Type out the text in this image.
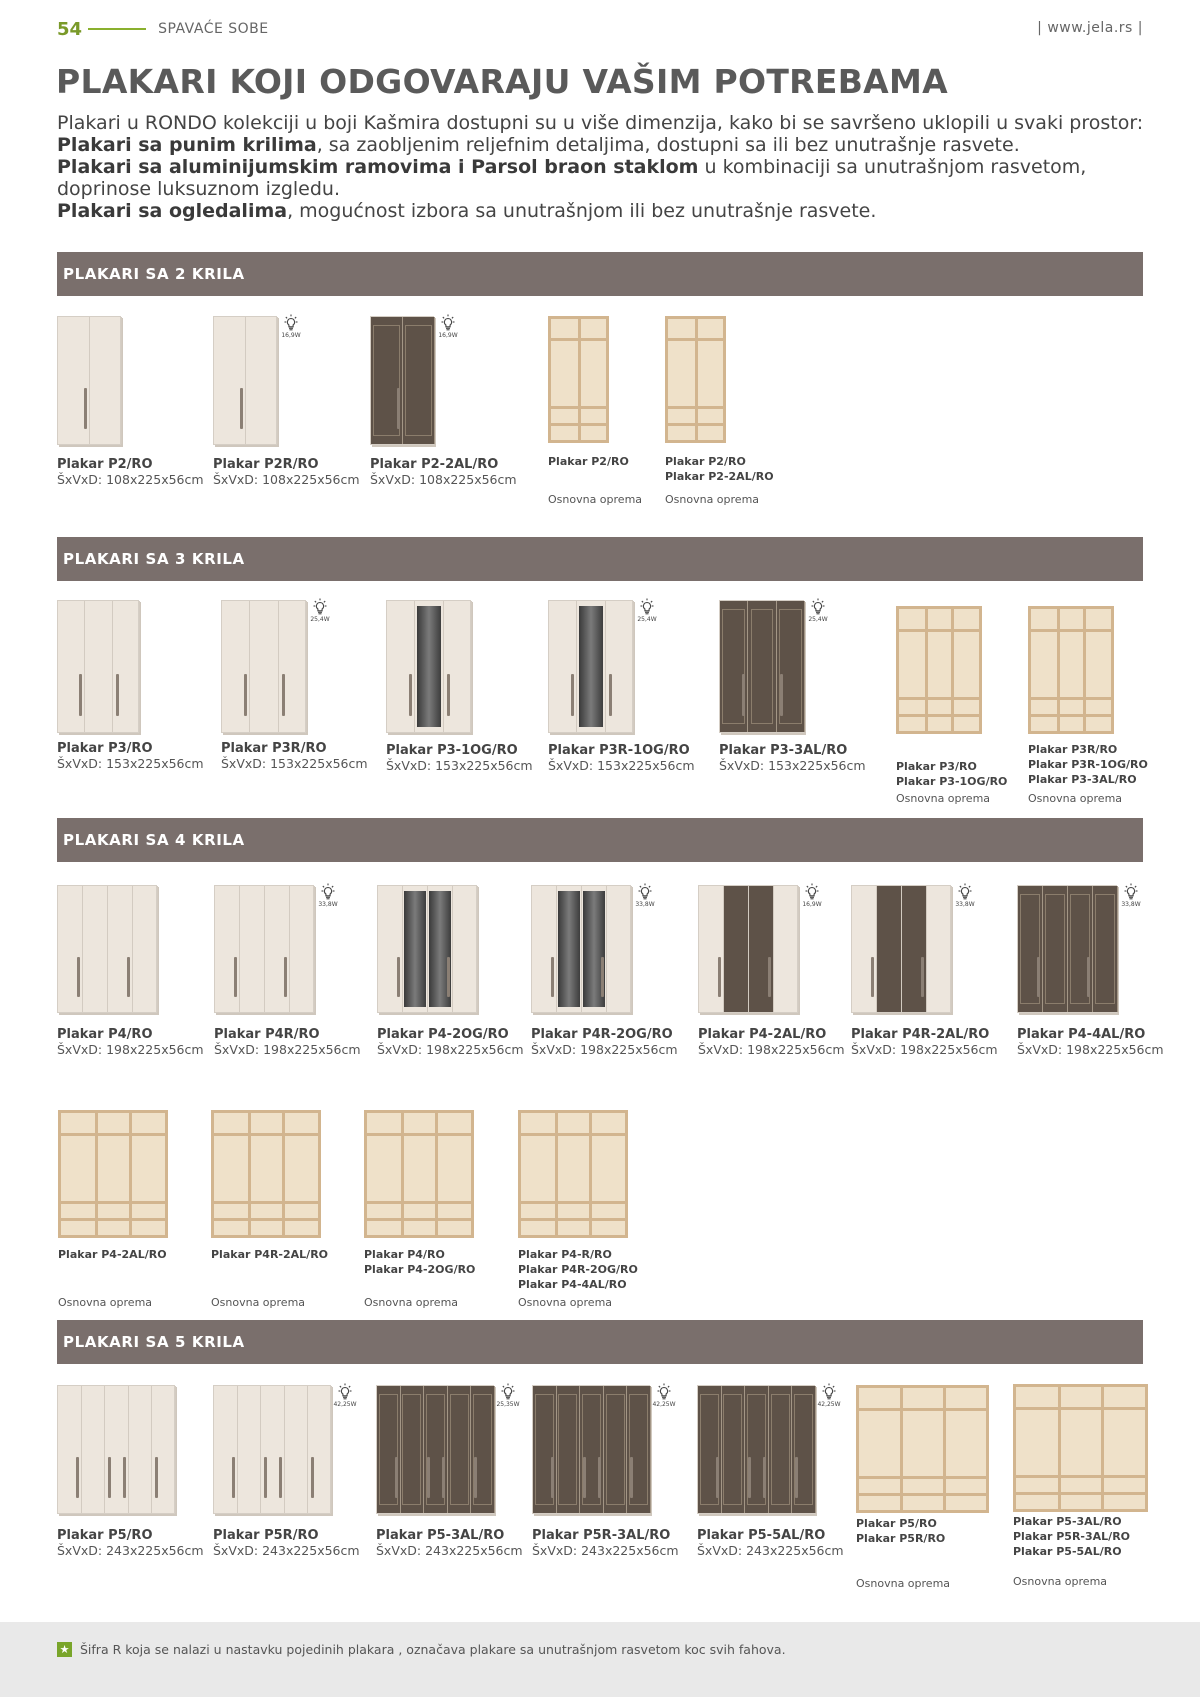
54	SPAVAĆE SOBE	| www.jela.rs |
PLAKARI KOJI ODGOVARAJU VAŠIM POTREBAMA
Plakari u RONDO kolekciji u boji Kašmira dostupni su u više dimenzija, kako bi se savršeno uklopili u svaki prostor:
Plakari sa punim krilima, sa zaobljenim reljefnim detaljima, dostupni sa ili bez unutrašnje rasvete.
Plakari sa aluminijumskim ramovima i Parsol braon staklom u kombinaciji sa unutrašnjom rasvetom, doprinose luksuznom izgledu.
Plakari sa ogledalima, mogućnost izbora sa unutrašnjom ili bez unutrašnje rasvete.
PLAKARI SA 2 KRILA
PLAKARI SA 3 KRILA
PLAKARI SA 4 KRILA
PLAKARI SA 5 KRILA
★ Šifra R koja se nalazi u nastavku pojedinih plakara , označava plakare sa unutrašnjom rasvetom koc svih fahova.
Plakar P2/RO
ŠxVxD: 108x225x56cm
16,9W
Plakar P2R/RO
ŠxVxD: 108x225x56cm
16,9W
Plakar P2-2AL/RO
ŠxVxD: 108x225x56cm
Plakar P2/RO
Osnovna oprema
Plakar P2/RO
Plakar P2-2AL/RO
Osnovna oprema
Plakar P3/RO
ŠxVxD: 153x225x56cm
25,4W
Plakar P3R/RO
ŠxVxD: 153x225x56cm
Plakar P3-1OG/RO
ŠxVxD: 153x225x56cm
25,4W
Plakar P3R-1OG/RO
ŠxVxD: 153x225x56cm
25,4W
Plakar P3-3AL/RO
ŠxVxD: 153x225x56cm	Plakar P3/RO
Plakar P3-1OG/RO
Osnovna oprema
Plakar P3R/RO
Plakar P3R-1OG/RO
Plakar P3-3AL/RO
Osnovna oprema
Plakar P4/RO
ŠxVxD: 198x225x56cm
33,8W
Plakar P4R/RO
ŠxVxD: 198x225x56cm
Plakar P4-2OG/RO
ŠxVxD: 198x225x56cm
33,8W
Plakar P4R-2OG/RO
ŠxVxD: 198x225x56cm
16,9W
Plakar P4-2AL/RO
ŠxVxD: 198x225x56cm
33,8W
Plakar P4R-2AL/RO
ŠxVxD: 198x225x56cm
33,8W
Plakar P4-4AL/RO
ŠxVxD: 198x225x56cm
Plakar P4-2AL/RO
Osnovna oprema
Plakar P4R-2AL/RO
Osnovna oprema
Plakar P4/RO
Plakar P4-2OG/RO
Osnovna oprema
Plakar P4-R/RO
Plakar P4R-2OG/RO
Plakar P4-4AL/RO
Osnovna oprema
Plakar P5/RO
ŠxVxD: 243x225x56cm
42,25W
Plakar P5R/RO
ŠxVxD: 243x225x56cm
25,35W
Plakar P5-3AL/RO
ŠxVxD: 243x225x56cm
42,25W
Plakar P5R-3AL/RO
ŠxVxD: 243x225x56cm
42,25W
Plakar P5-5AL/RO
ŠxVxD: 243x225x56cm
Plakar P5/RO
Plakar P5R/RO
Osnovna oprema
Plakar P5-3AL/RO
Plakar P5R-3AL/RO
Plakar P5-5AL/RO
Osnovna oprema
